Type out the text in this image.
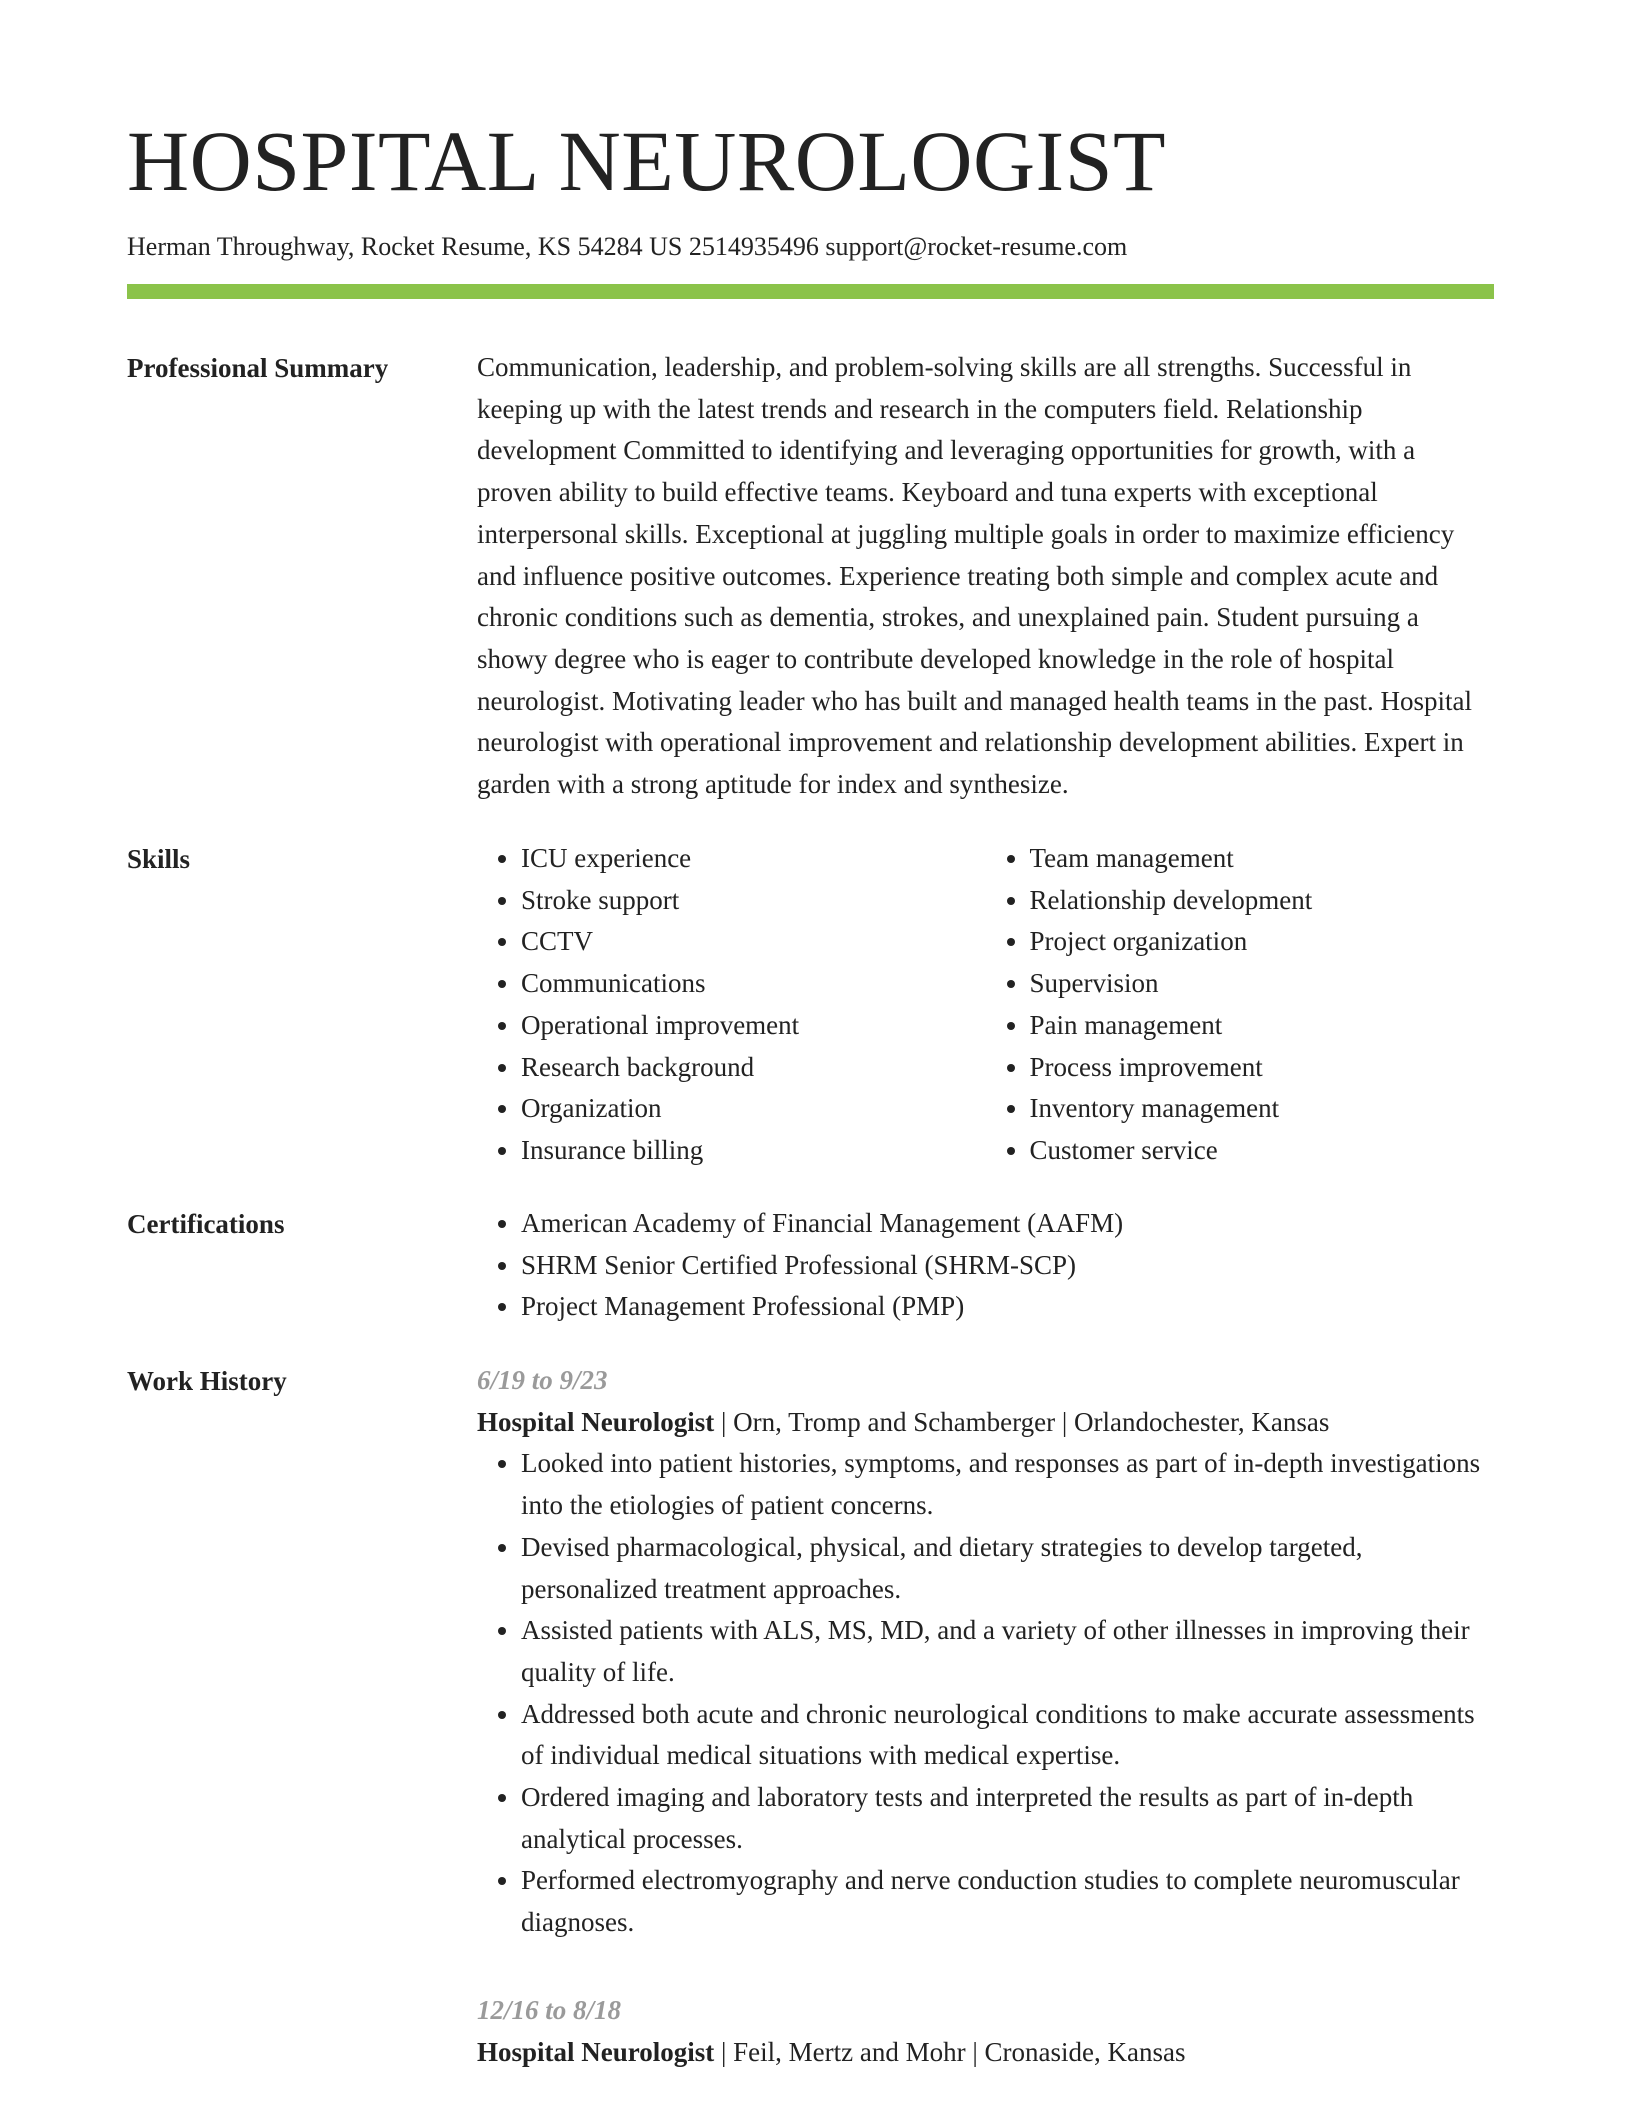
HOSPITAL NEUROLOGIST
Herman Throughway, Rocket Resume, KS 54284 US 2514935496 support@rocket-resume.com
Professional Summary	Communication, leadership, and problem-solving skills are all strengths. Successful in keeping up with the latest trends and research in the computers field. Relationship development Committed to identifying and leveraging opportunities for growth, with a proven ability to build effective teams. Keyboard and tuna experts with exceptional interpersonal skills. Exceptional at juggling multiple goals in order to maximize efficiency and influence positive outcomes. Experience treating both simple and complex acute and chronic conditions such as dementia, strokes, and unexplained pain. Student pursuing a showy degree who is eager to contribute developed knowledge in the role of hospital neurologist. Motivating leader who has built and managed health teams in the past. Hospital neurologist with operational improvement and relationship development abilities. Expert in garden with a strong aptitude for index and synthesize.

Skills	• ICU experience
• Stroke support
• CCTV
• Communications
• Operational improvement
• Research background
• Organization
• Insurance billing
• Team management
• Relationship development
• Project organization
• Supervision
• Pain management
• Process improvement
• Inventory management
• Customer service
Certifications	• American Academy of Financial Management (AAFM)
• SHRM Senior Certified Professional (SHRM-SCP)
• Project Management Professional (PMP)
Work History	6/19 to 9/23

Hospital Neurologist | Orn, Tromp and Schamberger | Orlandochester, Kansas

• Looked into patient histories, symptoms, and responses as part of in-depth investigations into the etiologies of patient concerns.
• Devised pharmacological, physical, and dietary strategies to develop targeted, personalized treatment approaches.
• Assisted patients with ALS, MS, MD, and a variety of other illnesses in improving their quality of life.
• Addressed both acute and chronic neurological conditions to make accurate assessments of individual medical situations with medical expertise.
• Ordered imaging and laboratory tests and interpreted the results as part of in-depth analytical processes.
• Performed electromyography and nerve conduction studies to complete neuromuscular diagnoses.

12/16 to 8/18

Hospital Neurologist | Feil, Mertz and Mohr | Cronaside, Kansas
